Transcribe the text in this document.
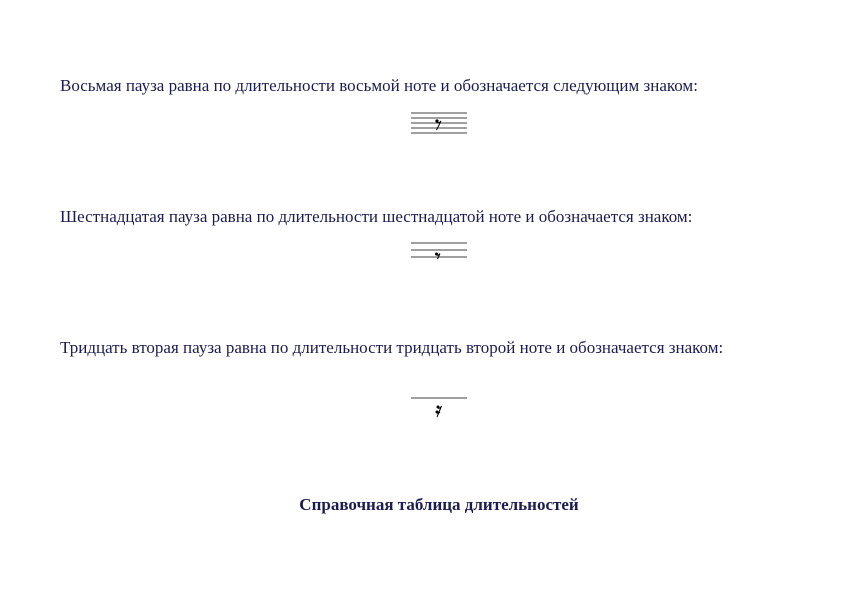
Восьмая пауза равна по длительности восьмой ноте и обозначается следующим знаком:

Шестнадцатая пауза равна по длительности шестнадцатой ноте и обозначается знаком:

Тридцать вторая пауза равна по длительности тридцать второй ноте и обозначается знаком:

Справочная таблица длительностей
